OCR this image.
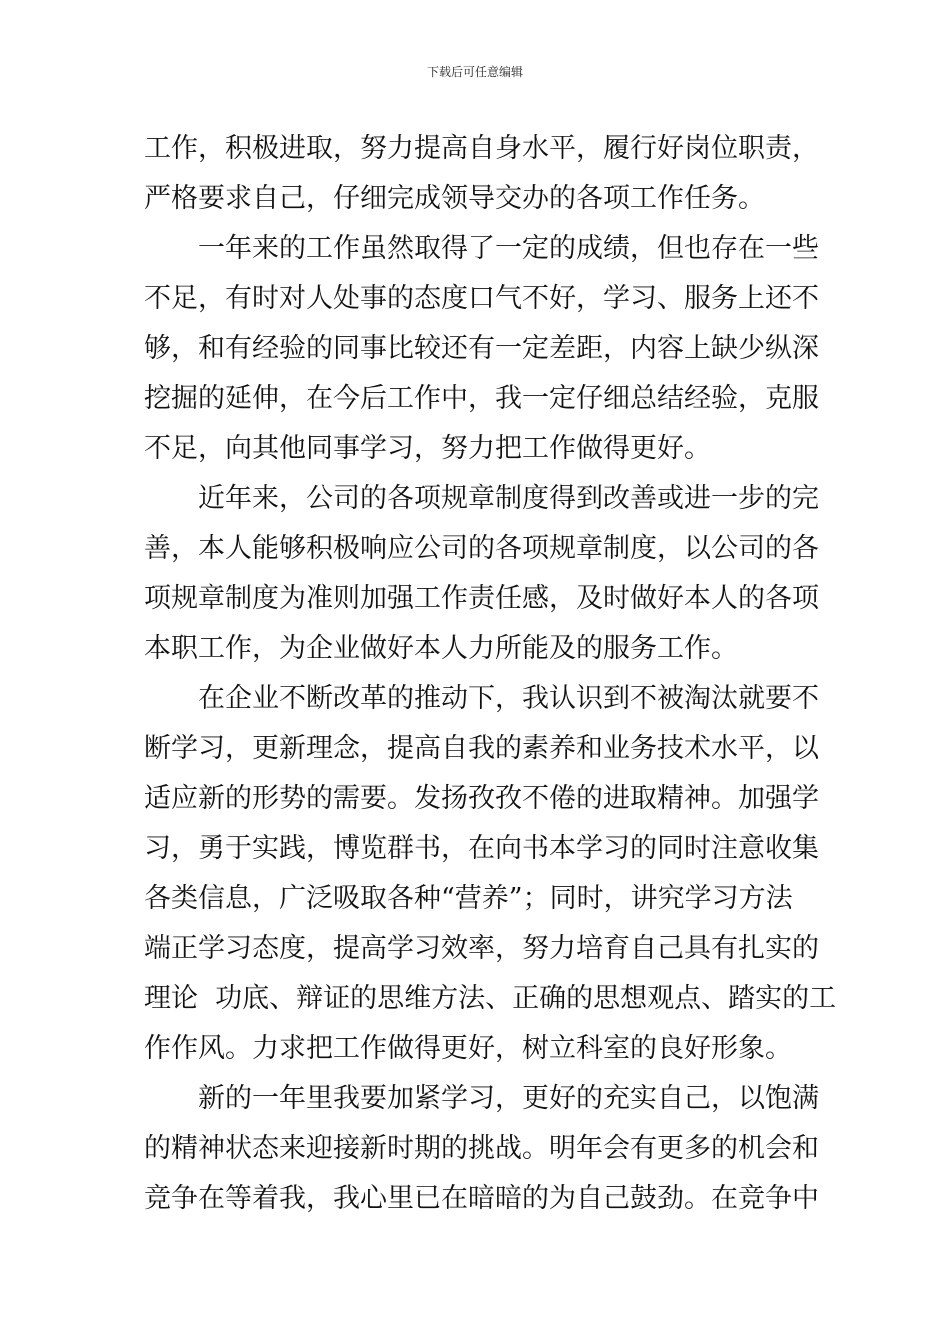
下载后可任意编辑
工作，积极进取，努力提高自身水平，履行好岗位职责，
严格要求自己，仔细完成领导交办的各项工作任务。
一年来的工作虽然取得了一定的成绩，但也存在一些
不足，有时对人处事的态度口气不好，学习、服务上还不
够，和有经验的同事比较还有一定差距，内容上缺少纵深
挖掘的延伸，在今后工作中，我一定仔细总结经验，克服
不足，向其他同事学习，努力把工作做得更好。
近年来，公司的各项规章制度得到改善或进一步的完
善，本人能够积极响应公司的各项规章制度，以公司的各
项规章制度为准则加强工作责任感，及时做好本人的各项
本职工作，为企业做好本人力所能及的服务工作。
在企业不断改革的推动下，我认识到不被淘汰就要不
断学习，更新理念，提高自我的素养和业务技术水平，以
适应新的形势的需要。发扬孜孜不倦的进取精神。加强学
习，勇于实践，博览群书，在向书本学习的同时注意收集
各类信息，广泛吸取各种“营养”；同时，讲究学习方法
端正学习态度，提高学习效率，努力培育自己具有扎实的
理论  功底、辩证的思维方法、正确的思想观点、踏实的工
作作风。力求把工作做得更好，树立科室的良好形象。
新的一年里我要加紧学习，更好的充实自己，以饱满
的精神状态来迎接新时期的挑战。明年会有更多的机会和
竞争在等着我，我心里已在暗暗的为自己鼓劲。在竞争中
